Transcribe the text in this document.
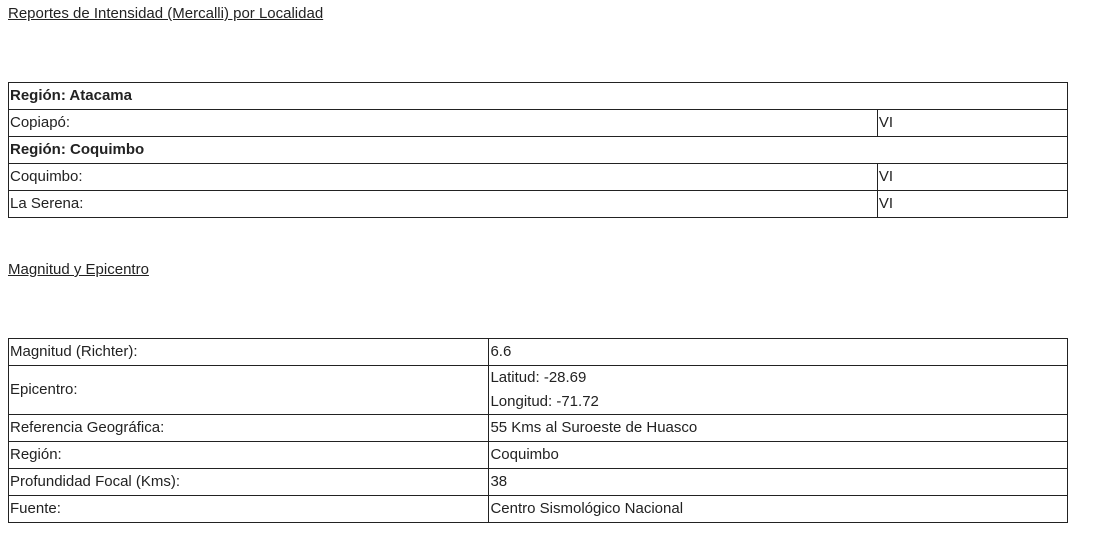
Reportes de Intensidad (Mercalli) por Localidad
Región: Atacama	
Copiapó:	VI
Región: Coquimbo	
Coquimbo:	VI
La Serena:	VI
Magnitud y Epicentro
Magnitud (Richter):	6.6
Epicentro:	Latitud: -28.69
Longitud: -71.72

Referencia Geográfica:	55 Kms al Suroeste de Huasco
Región:	Coquimbo
Profundidad Focal (Kms):	38
Fuente:	Centro Sismológico Nacional
